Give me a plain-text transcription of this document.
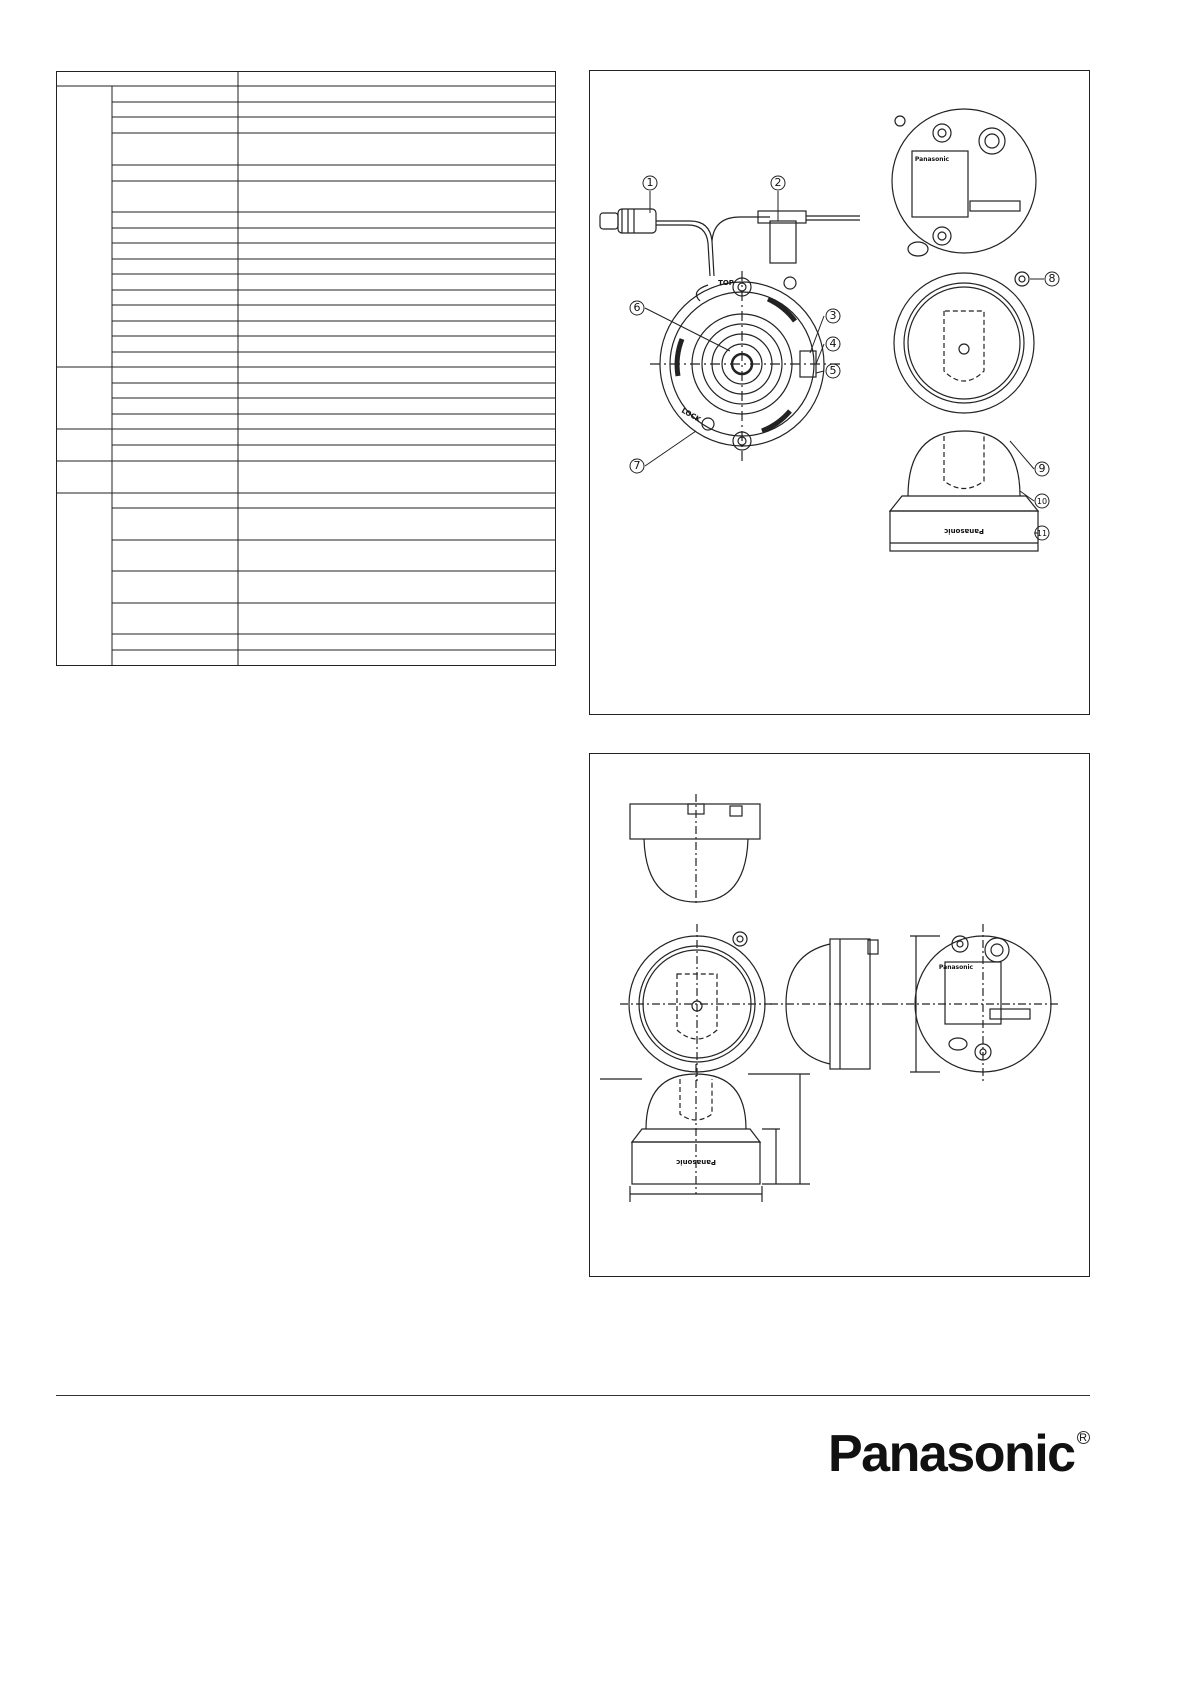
1	2
3
4
5
6
7
8
9
10
11
TOP
LOCK
Panasonic
Panasonic
Panasonic
Panasonic
Panasonic R
